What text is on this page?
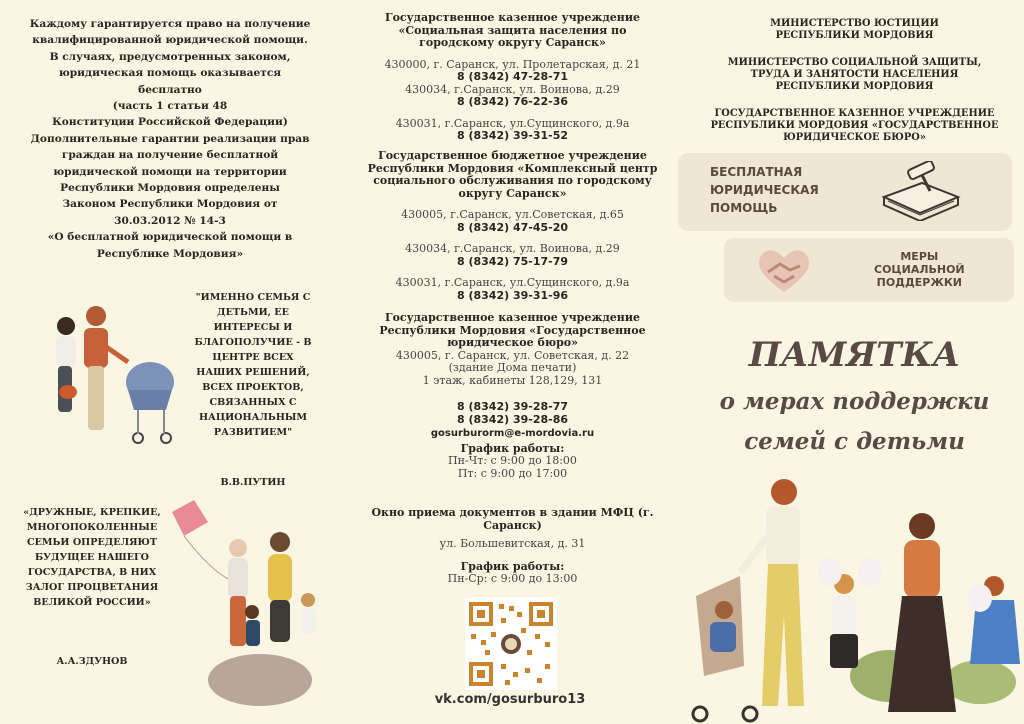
Каждому гарантируется право на получение
квалифицированной юридической помощи.
В случаях, предусмотренных законом,
юридическая помощь оказывается
бесплатно
(часть 1 статьи 48
Конституции Российской Федерации)
Дополнительные гарантии реализации прав
граждан на получение бесплатной
юридической помощи на территории
Республики Мордовия определены
Законом Республики Мордовия от
30.03.2012 № 14-3
«О бесплатной юридической помощи в
Республике Мордовия»
"ИМЕННО СЕМЬЯ С ДЕТЬМИ, ЕЕ ИНТЕРЕСЫ И БЛАГОПОЛУЧИЕ - В ЦЕНТРЕ ВСЕХ НАШИХ РЕШЕНИЙ, ВСЕХ ПРОЕКТОВ, СВЯЗАННЫХ С НАЦИОНАЛЬНЫМ РАЗВИТИЕМ"
В.В.ПУТИН
«ДРУЖНЫЕ, КРЕПКИЕ, МНОГОПОКОЛЕННЫЕ СЕМЬИ ОПРЕДЕЛЯЮТ БУДУЩЕЕ НАШЕГО ГОСУДАРСТВА, В НИХ ЗАЛОГ ПРОЦВЕТАНИЯ ВЕЛИКОЙ РОССИИ»
А.А.ЗДУНОВ
Государственное казенное учреждение «Социальная защита населения по городскому округу Саранск»
430000, г. Саранск, ул. Пролетарская, д. 21
8 (8342) 47-28-71
430034, г.Саранск, ул. Воинова, д.29
8 (8342) 76-22-36
430031, г.Саранск, ул.Сущинского, д.9а
8 (8342) 39-31-52
Государственное бюджетное учреждение Республики Мордовия «Комплексный центр социального обслуживания по городскому округу Саранск»
430005, г.Саранск, ул.Советская, д.65
8 (8342) 47-45-20
430034, г.Саранск, ул. Воинова, д.29
8 (8342) 75-17-79
430031, г.Саранск, ул.Сущинского, д.9а
8 (8342) 39-31-96
Государственное казенное учреждение Республики Мордовия «Государственное юридическое бюро»
430005, г. Саранск, ул. Советская, д. 22
(здание Дома печати)
1 этаж, кабинеты 128,129, 131
8 (8342) 39-28-77
8 (8342) 39-28-86
gosurburorm@e-mordovia.ru
График работы:
Пн-Чт: с 9:00 до 18:00
Пт: с 9:00 до 17:00
Окно приема документов в здании МФЦ (г. Саранск)
ул. Большевитская, д. 31
График работы:
Пн-Ср: с 9:00 до 13:00
vk.com/gosurburo13
МИНИСТЕРСТВО ЮСТИЦИИ РЕСПУБЛИКИ МОРДОВИЯ
МИНИСТЕРСТВО СОЦИАЛЬНОЙ ЗАЩИТЫ, ТРУДА И ЗАНЯТОСТИ НАСЕЛЕНИЯ РЕСПУБЛИКИ МОРДОВИЯ
ГОСУДАРСТВЕННОЕ КАЗЕННОЕ УЧРЕЖДЕНИЕ РЕСПУБЛИКИ МОРДОВИЯ «ГОСУДАРСТВЕННОЕ ЮРИДИЧЕСКОЕ БЮРО»
БЕСПЛАТНАЯ
ЮРИДИЧЕСКАЯ
ПОМОЩЬ
МЕРЫ
СОЦИАЛЬНОЙ
ПОДДЕРЖКИ
ПАМЯТКА
о мерах поддержки
семей с детьми
